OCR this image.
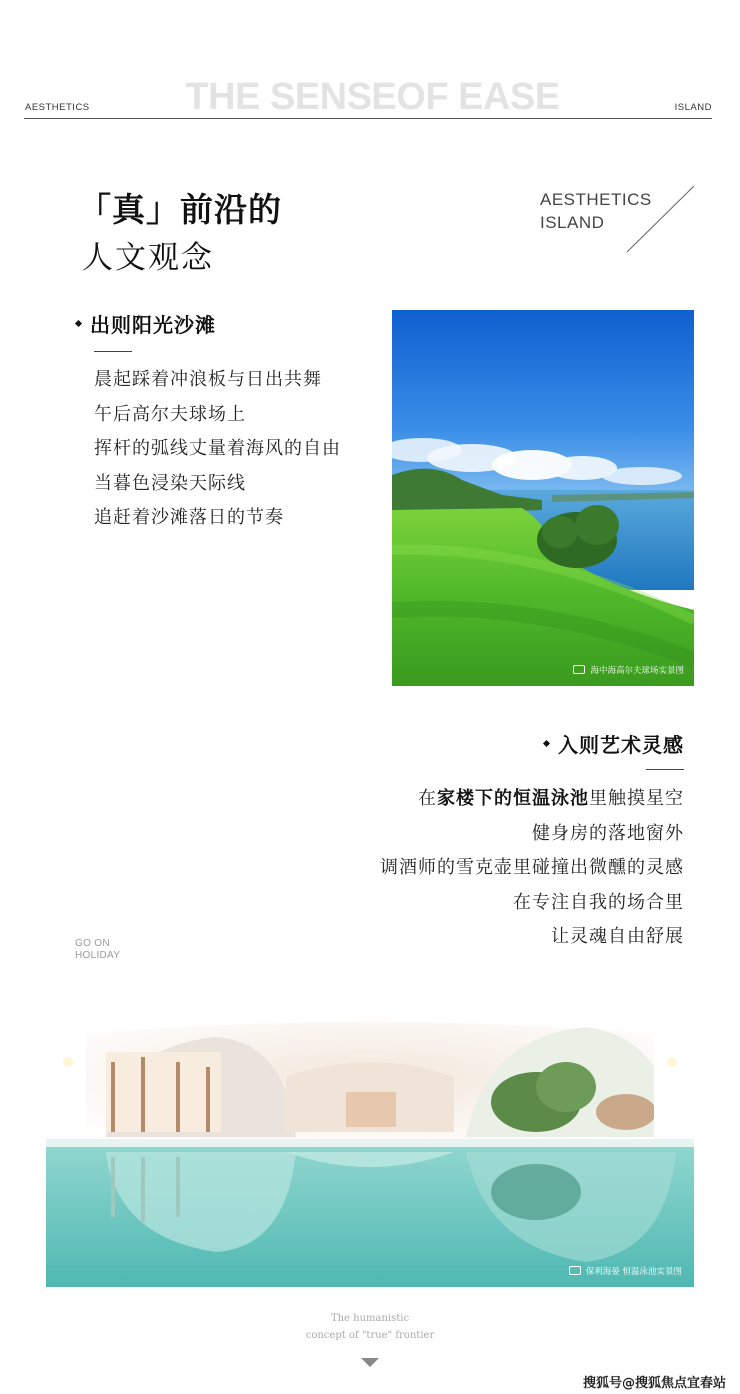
THE SENSEOF EASE
AESTHETICS	ISLAND
「真」前沿的
人文观念
AESTHETICS
ISLAND
出则阳光沙滩
晨起踩着冲浪板与日出共舞
午后高尔夫球场上
挥杆的弧线丈量着海风的自由
当暮色浸染天际线
追赶着沙滩落日的节奏
海中海高尔夫球场实景图
入则艺术灵感
在家楼下的恒温泳池里触摸星空
健身房的落地窗外
调酒师的雪克壶里碰撞出微醺的灵感
在专注自我的场合里
让灵魂自由舒展
GO ON
HOLIDAY
保利海晏 恒温泳池实景图
The humanistic
concept of "true" frontier
搜狐号@搜狐焦点宜春站
